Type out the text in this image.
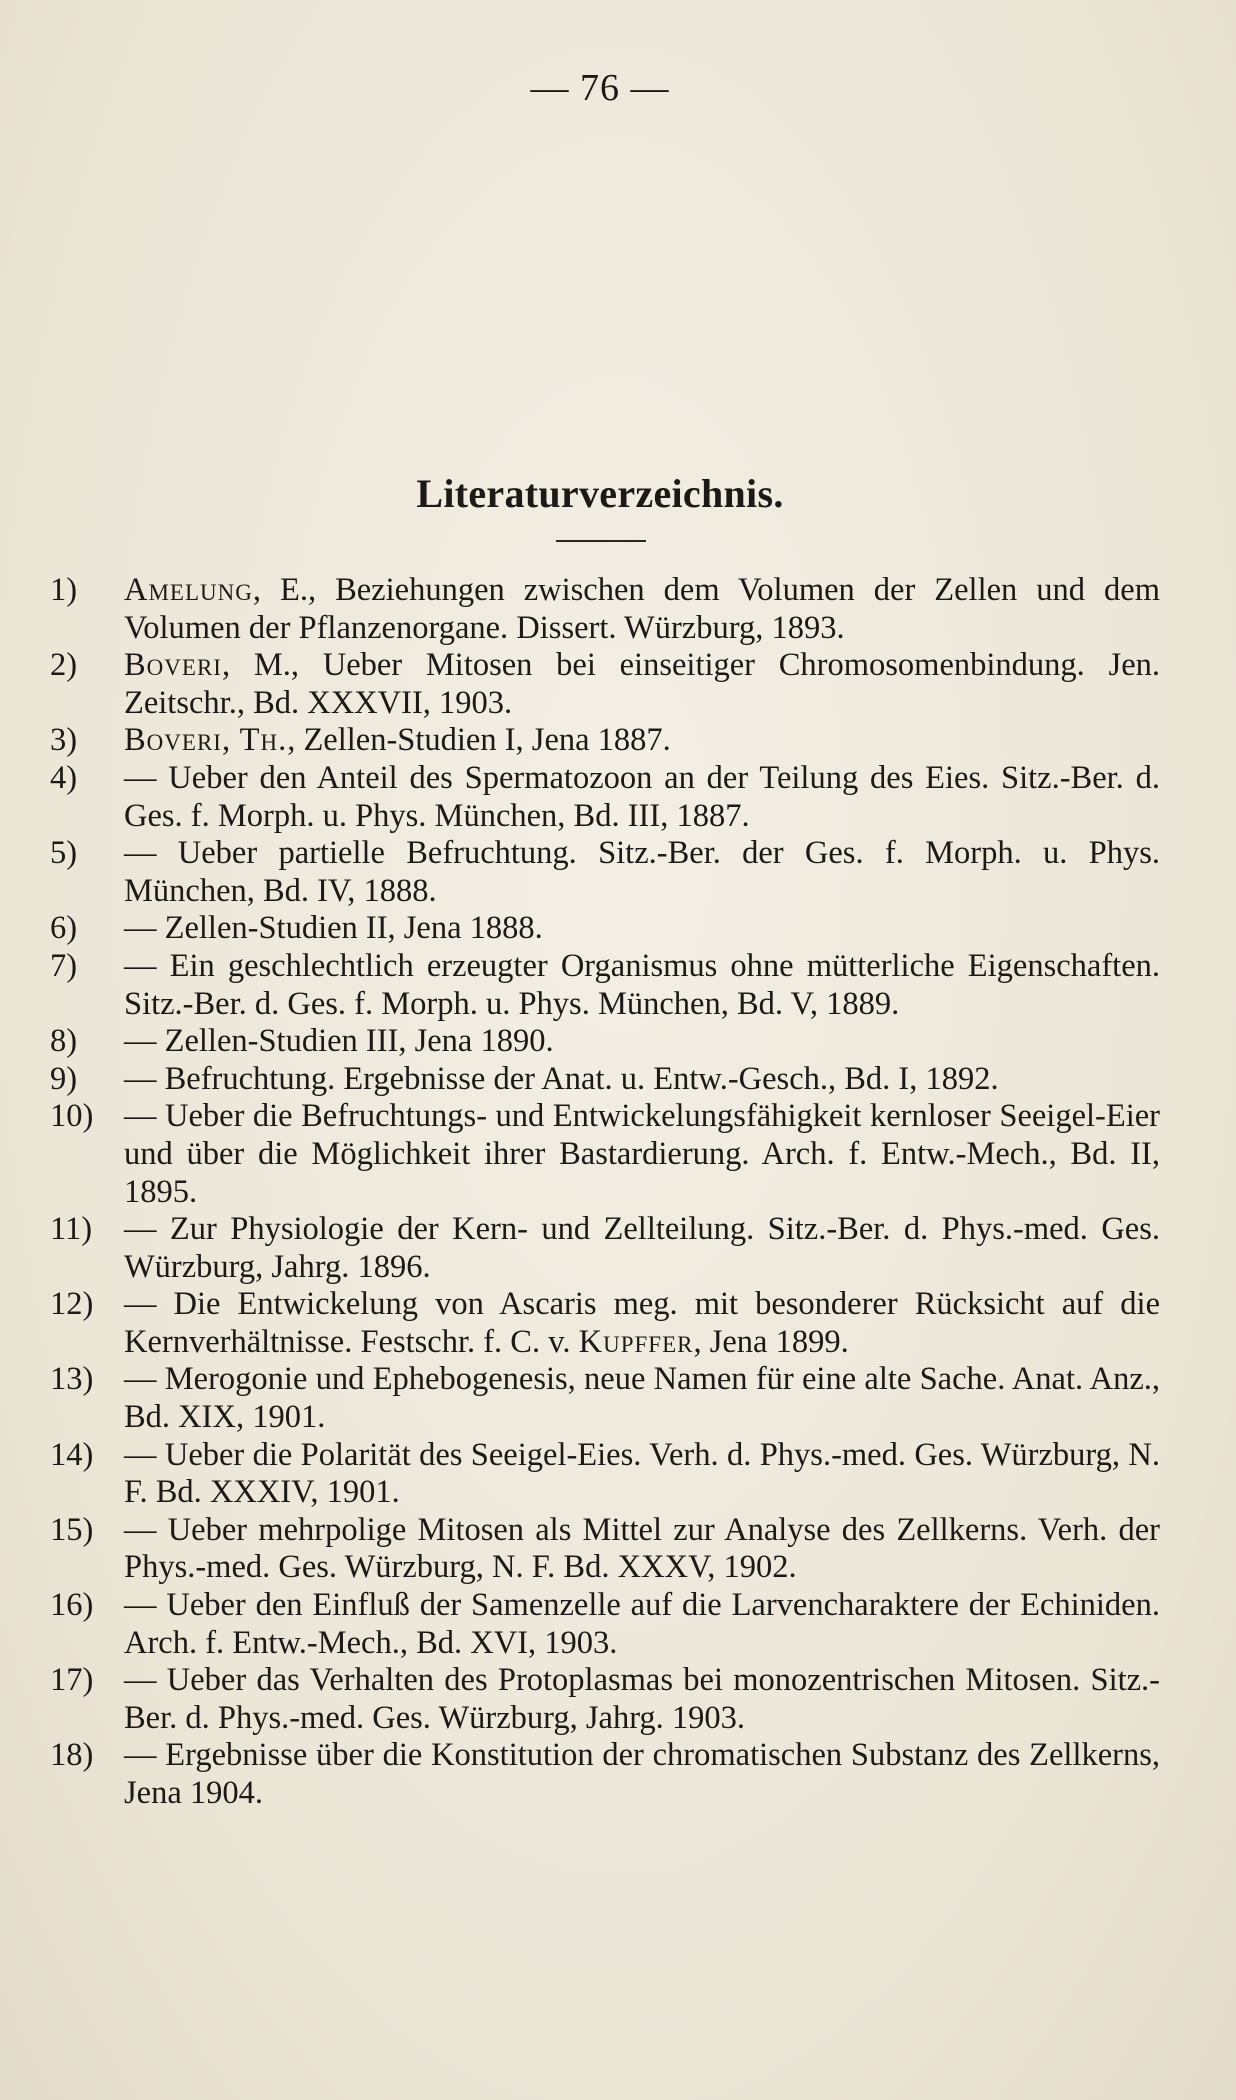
— 76 —
Literaturverzeichnis.
1)	Amelung, E., Beziehungen zwischen dem Volumen der Zellen und dem Volumen der Pflanzenorgane. Dissert. Würzburg, 1893.
2)	Boveri, M., Ueber Mitosen bei einseitiger Chromosomenbindung. Jen. Zeitschr., Bd. XXXVII, 1903.
3)	Boveri, Th., Zellen-Studien I, Jena 1887.
4)	— Ueber den Anteil des Spermatozoon an der Teilung des Eies. Sitz.-Ber. d. Ges. f. Morph. u. Phys. München, Bd. III, 1887.
5)	— Ueber partielle Befruchtung. Sitz.-Ber. der Ges. f. Morph. u. Phys. München, Bd. IV, 1888.
6)	— Zellen-Studien II, Jena 1888.
7)	— Ein geschlechtlich erzeugter Organismus ohne mütterliche Eigenschaften. Sitz.-Ber. d. Ges. f. Morph. u. Phys. München, Bd. V, 1889.
8)	— Zellen-Studien III, Jena 1890.
9)	— Befruchtung. Ergebnisse der Anat. u. Entw.-Gesch., Bd. I, 1892.
10) — Ueber die Befruchtungs- und Entwickelungsfähigkeit kernloser Seeigel-Eier und über die Möglichkeit ihrer Bastardierung. Arch. f. Entw.-Mech., Bd. II, 1895.
11) — Zur Physiologie der Kern- und Zellteilung. Sitz.-Ber. d. Phys.-med. Ges. Würzburg, Jahrg. 1896.
12) — Die Entwickelung von Ascaris meg. mit besonderer Rücksicht auf die Kernverhältnisse. Festschr. f. C. v. Kupffer, Jena 1899.
13) — Merogonie und Ephebogenesis, neue Namen für eine alte Sache. Anat. Anz., Bd. XIX, 1901.
14) — Ueber die Polarität des Seeigel-Eies. Verh. d. Phys.-med. Ges. Würzburg, N. F. Bd. XXXIV, 1901.
15) — Ueber mehrpolige Mitosen als Mittel zur Analyse des Zellkerns. Verh. der Phys.-med. Ges. Würzburg, N. F. Bd. XXXV, 1902.
16) — Ueber den Einfluß der Samenzelle auf die Larvencharaktere der Echiniden. Arch. f. Entw.-Mech., Bd. XVI, 1903.
17) — Ueber das Verhalten des Protoplasmas bei monozentrischen Mitosen. Sitz.-Ber. d. Phys.-med. Ges. Würzburg, Jahrg. 1903.
18) — Ergebnisse über die Konstitution der chromatischen Substanz des Zellkerns, Jena 1904.
